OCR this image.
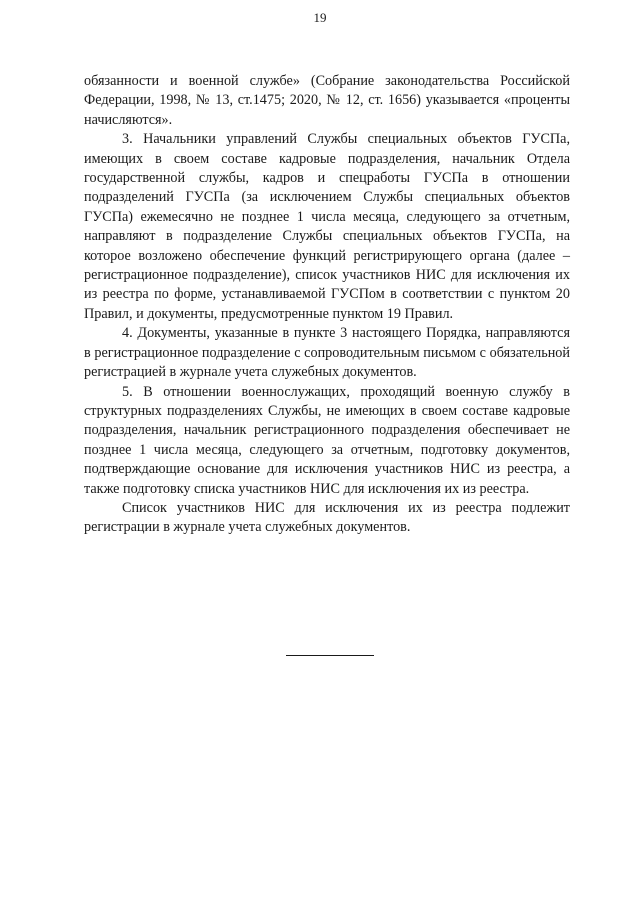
19

обязанности и военной службе» (Собрание законодательства Российской Федерации, 1998, № 13, ст.1475; 2020, № 12, ст. 1656) указывается «проценты начисляются».

3. Начальники управлений Службы специальных объектов ГУСПа, имеющих в своем составе кадровые подразделения, начальник Отдела государственной службы, кадров и спецработы ГУСПа в отношении подразделений ГУСПа (за исключением Службы специальных объектов ГУСПа) ежемесячно не позднее 1 числа месяца, следующего за отчетным, направляют в подразделение Службы специальных объектов ГУСПа, на которое возложено обеспечение функций регистрирующего органа (далее – регистрационное подразделение), список участников НИС для исключения их из реестра по форме, устанавливаемой ГУСПом в соответствии с пунктом 20 Правил, и документы, предусмотренные пунктом 19 Правил.

4. Документы, указанные в пункте 3 настоящего Порядка, направляются в регистрационное подразделение с сопроводительным письмом с обязательной регистрацией в журнале учета служебных документов.

5. В отношении военнослужащих, проходящий военную службу в структурных подразделениях Службы, не имеющих в своем составе кадровые подразделения, начальник регистрационного подразделения обеспечивает не позднее 1 числа месяца, следующего за отчетным, подготовку документов, подтверждающие основание для исключения участников НИС из реестра, а также подготовку списка участников НИС для исключения их из реестра.

Список участников НИС для исключения их из реестра подлежит регистрации в журнале учета служебных документов.
